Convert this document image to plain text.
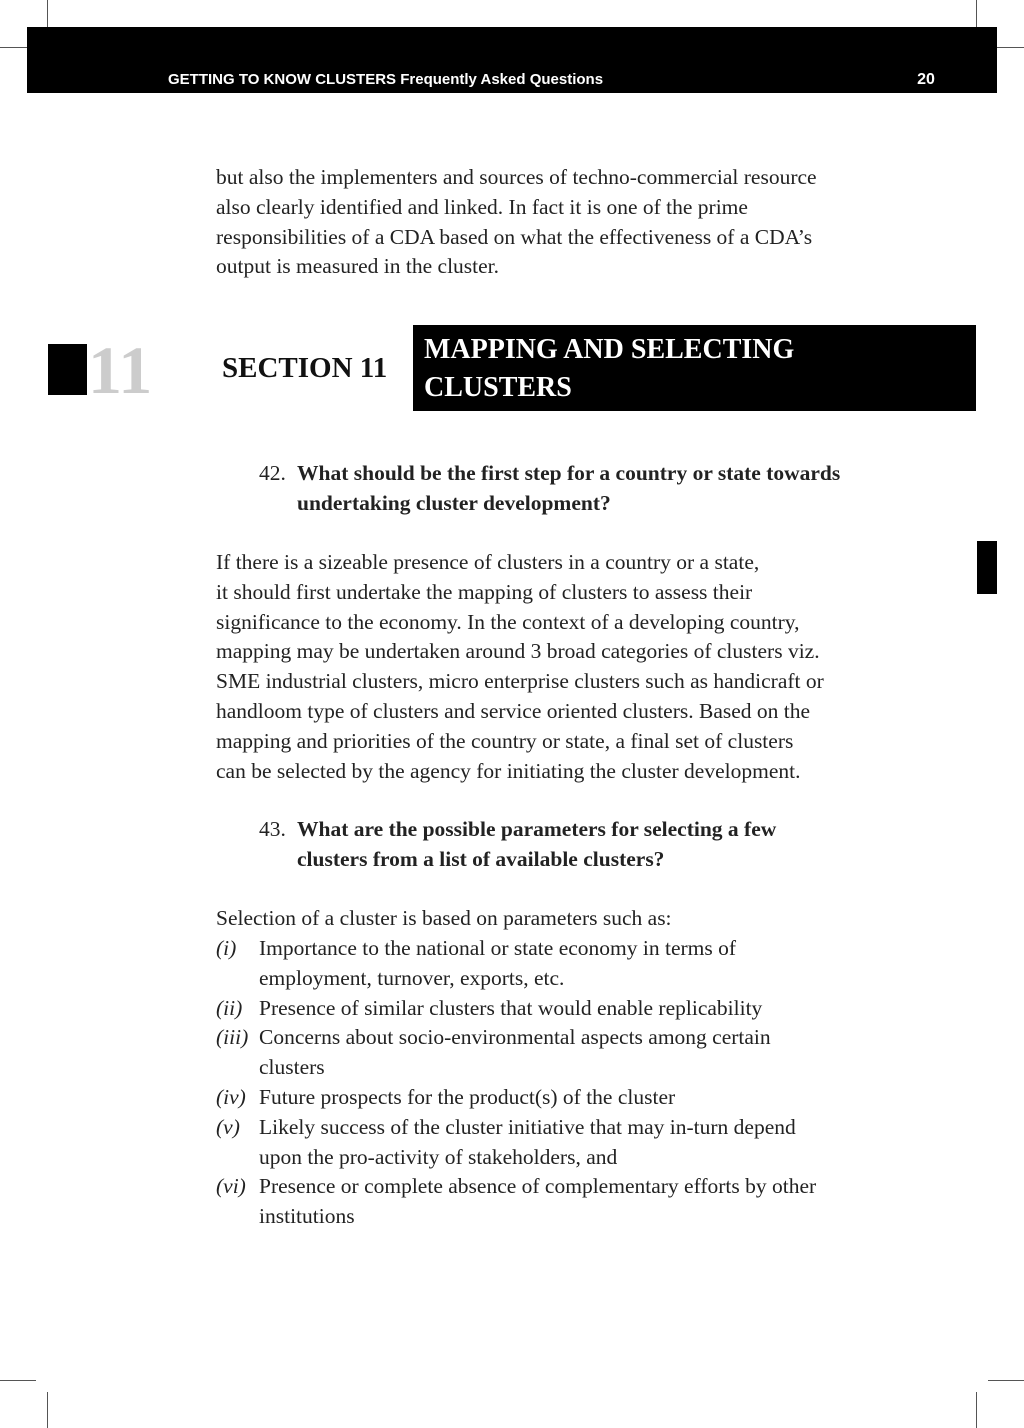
GETTING TO KNOW CLUSTERS Frequently Asked Questions	20
but also the implementers and sources of techno-commercial resource
also clearly identified and linked. In fact it is one of the prime
responsibilities of a CDA based on what the effectiveness of a CDA’s
output is measured in the cluster.
11 SECTION 11
MAPPING AND SELECTING
CLUSTERS
42. What should be the first step for a country or state towards
undertaking cluster development?
If there is a sizeable presence of clusters in a country or a state,
it should first undertake the mapping of clusters to assess their
significance to the economy. In the context of a developing country,
mapping may be undertaken around 3 broad categories of clusters viz.
SME industrial clusters, micro enterprise clusters such as handicraft or
handloom type of clusters and service oriented clusters. Based on the
mapping and priorities of the country or state, a final set of clusters
can be selected by the agency for initiating the cluster development.
43. What are the possible parameters for selecting a few
clusters from a list of available clusters?
Selection of a cluster is based on parameters such as:
(i) Importance to the national or state economy in terms of
employment, turnover, exports, etc.
(ii) Presence of similar clusters that would enable replicability
(iii) Concerns about socio-environmental aspects among certain
clusters
(iv) Future prospects for the product(s) of the cluster
(v) Likely success of the cluster initiative that may in-turn depend
upon the pro-activity of stakeholders, and
(vi) Presence or complete absence of complementary efforts by other
institutions
